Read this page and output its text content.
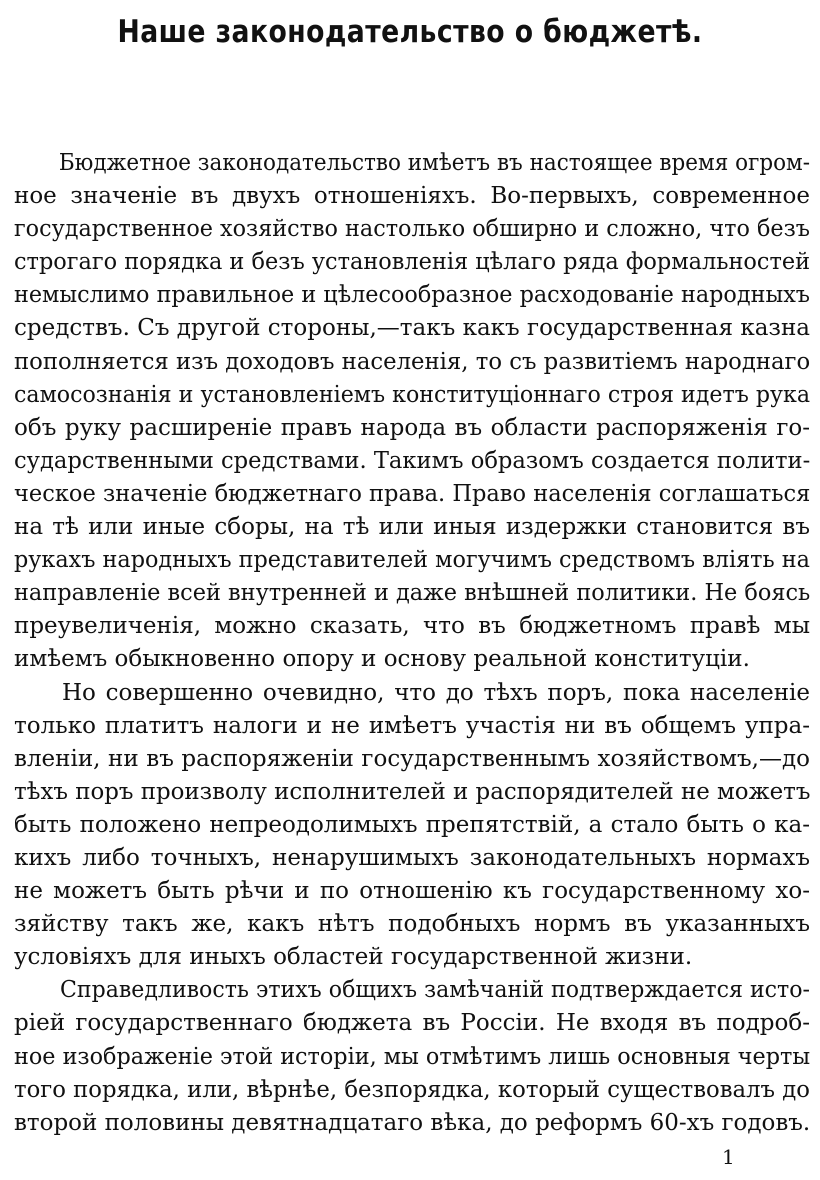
Наше законодательство о бюджетѣ.
Бюджетное законодательство имѣетъ въ настоящее время огром-
ное значенiе въ двухъ отношенiяхъ. Во-первыхъ, современное
государственное хозяйство настолько обширно и сложно, что безъ
строгаго порядка и безъ установленiя цѣлаго ряда формальностей
немыслимо правильное и цѣлесообразное расходованiе народныхъ
средствъ. Съ другой стороны,—такъ какъ государственная казна
пополняется изъ доходовъ населенiя, то съ развитiемъ народнаго
самосознанiя и установленiемъ конституцiоннаго строя идетъ рука
объ руку расширенiе правъ народа въ области распоряженiя го-
сударственными средствами. Такимъ образомъ создается полити-
ческое значенiе бюджетнаго права. Право населенiя соглашаться
на тѣ или иные сборы, на тѣ или иныя издержки становится въ
рукахъ народныхъ представителей могучимъ средствомъ влiять на
направленiе всей внутренней и даже внѣшней политики. Не боясь
преувеличенiя, можно сказать, что въ бюджетномъ правѣ мы
имѣемъ обыкновенно опору и основу реальной конституцiи.
Но совершенно очевидно, что до тѣхъ поръ, пока населенiе
только платитъ налоги и не имѣетъ участiя ни въ общемъ упра-
вленiи, ни въ распоряженiи государственнымъ хозяйствомъ,—до
тѣхъ поръ произволу исполнителей и распорядителей не можетъ
быть положено непреодолимыхъ препятствiй, а стало быть о ка-
кихъ либо точныхъ, ненарушимыхъ законодательныхъ нормахъ
не можетъ быть рѣчи и по отношенiю къ государственному хо-
зяйству такъ же, какъ нѣтъ подобныхъ нормъ въ указанныхъ
условiяхъ для иныхъ областей государственной жизни.
Справедливость этихъ общихъ замѣчанiй подтверждается исто-
рiей государственнаго бюджета въ Россiи. Не входя въ подроб-
ное изображенiе этой исторiи, мы отмѣтимъ лишь основныя черты
того порядка, или, вѣрнѣе, безпорядка, который существовалъ до
второй половины девятнадцатаго вѣка, до реформъ 60-хъ годовъ.
1
